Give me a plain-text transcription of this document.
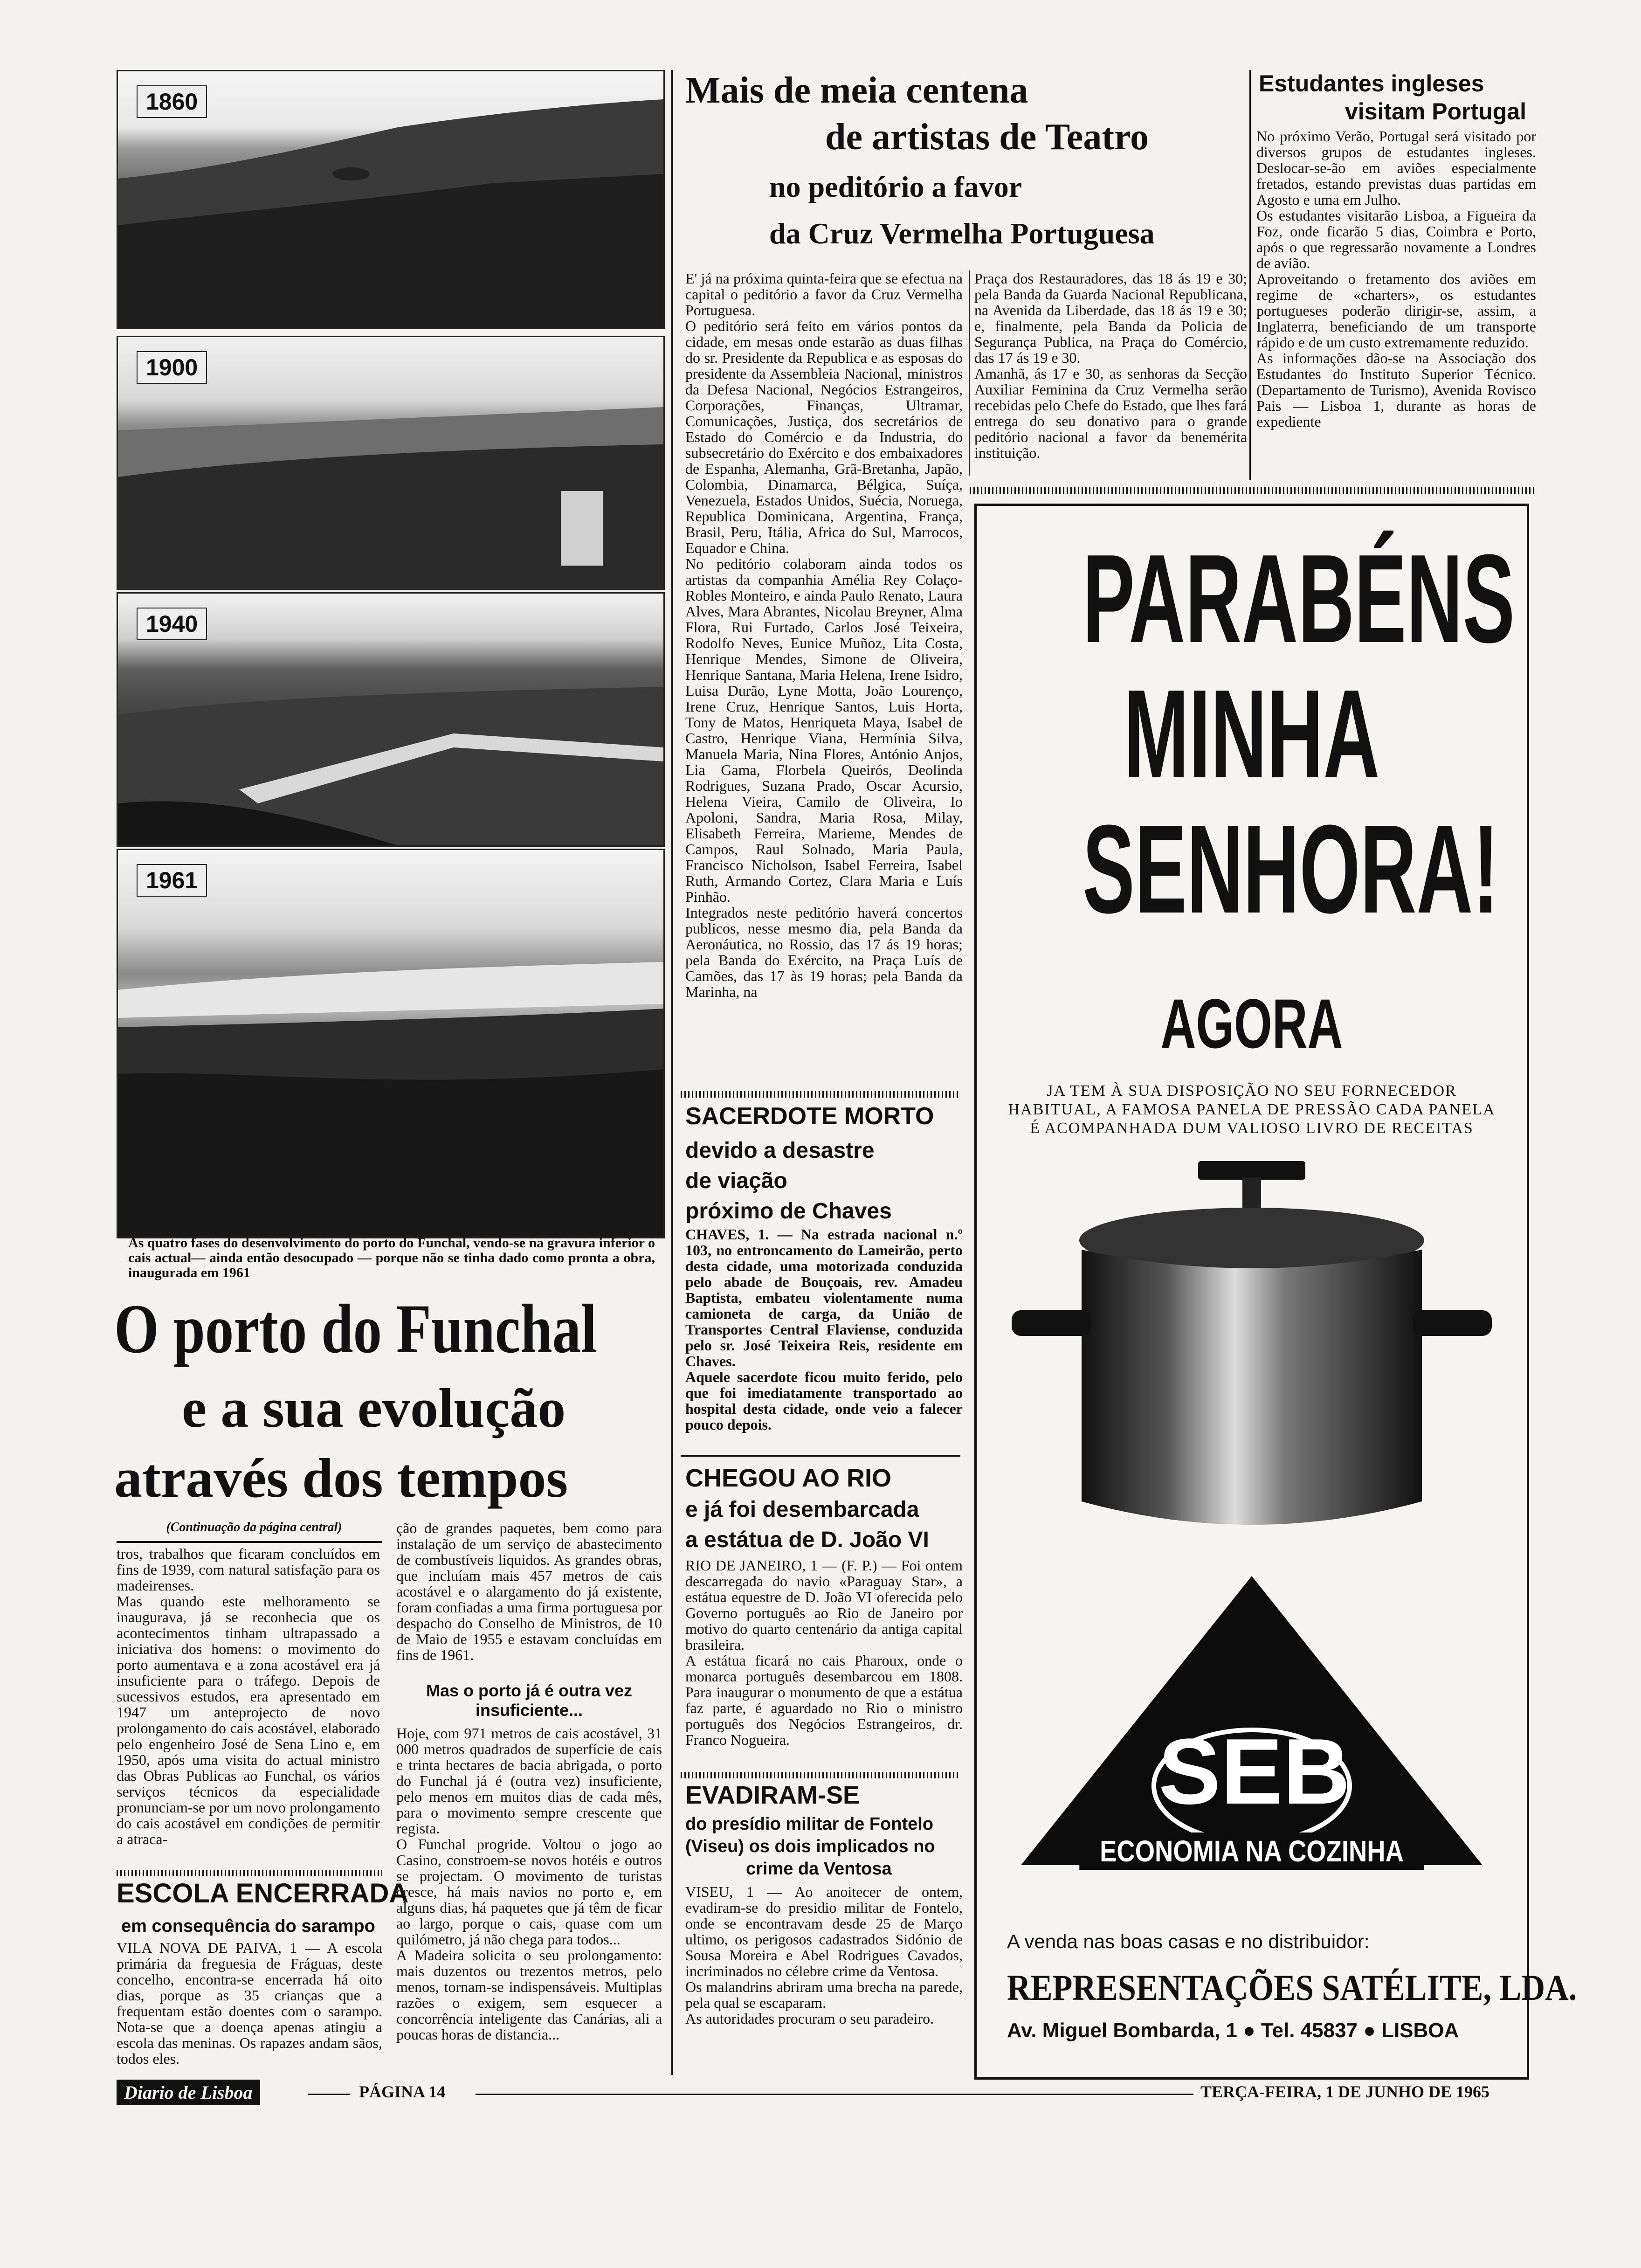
1860
1900
1940
1961
As quatro fases do desenvolvimento do porto do Funchal, vendo-se na gravura inferior o cais actual— ainda então desocupado — porque não se tinha dado como pronta a obra, inaugurada em 1961
O porto do Funchal
e a sua evolução
através dos tempos
(Continuação da página central)
tros, trabalhos que ficaram concluídos em fins de 1939, com natural satisfação para os madeirenses.
Mas quando este melhoramento se inaugurava, já se reconhecia que os acontecimentos tinham ultrapassado a iniciativa dos homens: o movimento do porto aumentava e a zona acostável era já insuficiente para o tráfego. Depois de sucessivos estudos, era apresentado em 1947 um anteprojecto de novo prolongamento do cais acostável, elaborado pelo engenheiro José de Sena Lino e, em 1950, após uma visita do actual ministro das Obras Publicas ao Funchal, os vários serviços técnicos da especialidade pronunciam-se por um novo prolongamento do cais acostável em condições de permitir a atraca-
ção de grandes paquetes, bem como para instalação de um serviço de abastecimento de combustíveis liquidos. As grandes obras, que incluíam mais 457 metros de cais acostável e o alargamento do já existente, foram confiadas a uma firma portuguesa por despacho do Conselho de Ministros, de 10 de Maio de 1955 e estavam concluídas em fins de 1961.
Mas o porto já é outra vez insuficiente...
Hoje, com 971 metros de cais acostável, 31 000 metros quadrados de superfície de cais e trinta hectares de bacia abrigada, o porto do Funchal já é (outra vez) insuficiente, pelo menos em muitos dias de cada mês, para o movimento sempre crescente que regista.
O Funchal progride. Voltou o jogo ao Casino, constroem-se novos hotéis e outros se projectam. O movimento de turistas cresce, há mais navios no porto e, em alguns dias, há paquetes que já têm de ficar ao largo, porque o cais, quase com um quilómetro, já não chega para todos...
A Madeira solicita o seu prolongamento: mais duzentos ou trezentos metros, pelo menos, tornam-se indispensáveis. Multiplas razões o exigem, sem esquecer a concorrência inteligente das Canárias, ali a poucas horas de distancia...
ESCOLA ENCERRADA
em consequência do sarampo
VILA NOVA DE PAIVA, 1 — A escola primária da freguesia de Fráguas, deste concelho, encontra-se encerrada há oito dias, porque as 35 crianças que a frequentam estão doentes com o sarampo. Nota-se que a doença apenas atingiu a escola das meninas. Os rapazes andam sãos, todos eles.
Mais de meia centena
de artistas de Teatro
no peditório a favor
da Cruz Vermelha Portuguesa
E' já na próxima quinta-feira que se efectua na capital o peditório a favor da Cruz Vermelha Portuguesa.
O peditório será feito em vários pontos da cidade, em mesas onde estarão as duas filhas do sr. Presidente da Republica e as esposas do presidente da Assembleia Nacional, ministros da Defesa Nacional, Negócios Estrangeiros, Corporações, Finanças, Ultramar, Comunicações, Justiça, dos secretários de Estado do Comércio e da Industria, do subsecretário do Exército e dos embaixadores de Espanha, Alemanha, Grã-Bretanha, Japão, Colombia, Dinamarca, Bélgica, Suíça, Venezuela, Estados Unidos, Suécia, Noruega, Republica Dominicana, Argentina, França, Brasil, Peru, Itália, Africa do Sul, Marrocos, Equador e China.
No peditório colaboram ainda todos os artistas da companhia Amélia Rey Colaço-Robles Monteiro, e ainda Paulo Renato, Laura Alves, Mara Abrantes, Nicolau Breyner, Alma Flora, Rui Furtado, Carlos José Teixeira, Rodolfo Neves, Eunice Muñoz, Lita Costa, Henrique Mendes, Simone de Oliveira, Henrique Santana, Maria Helena, Irene Isidro, Luisa Durão, Lyne Motta, João Lourenço, Irene Cruz, Henrique Santos, Luis Horta, Tony de Matos, Henriqueta Maya, Isabel de Castro, Henrique Viana, Hermínia Silva, Manuela Maria, Nina Flores, António Anjos, Lia Gama, Florbela Queirós, Deolinda Rodrigues, Suzana Prado, Oscar Acursio, Helena Vieira, Camilo de Oliveira, Io Apoloni, Sandra, Maria Rosa, Milay, Elisabeth Ferreira, Marieme, Mendes de Campos, Raul Solnado, Maria Paula, Francisco Nicholson, Isabel Ferreira, Isabel Ruth, Armando Cortez, Clara Maria e Luís Pinhão.
Integrados neste peditório haverá concertos publicos, nesse mesmo dia, pela Banda da Aeronáutica, no Rossio, das 17 ás 19 horas; pela Banda do Exército, na Praça Luís de Camões, das 17 às 19 horas; pela Banda da Marinha, na
Praça dos Restauradores, das 18 ás 19 e 30; pela Banda da Guarda Nacional Republicana, na Avenida da Liberdade, das 18 ás 19 e 30; e, finalmente, pela Banda da Policia de Segurança Publica, na Praça do Comércio, das 17 ás 19 e 30.
Amanhã, ás 17 e 30, as senhoras da Secção Auxiliar Feminina da Cruz Vermelha serão recebidas pelo Chefe do Estado, que lhes fará entrega do seu donativo para o grande peditório nacional a favor da benemérita instituição.
SACERDOTE MORTO
devido a desastre
de viação
próximo de Chaves
CHAVES, 1. — Na estrada nacional n.º 103, no entroncamento do Lameirão, perto desta cidade, uma motorizada conduzida pelo abade de Bouçoais, rev. Amadeu Baptista, embateu violentamente numa camioneta de carga, da União de Transportes Central Flaviense, conduzida pelo sr. José Teixeira Reis, residente em Chaves.
Aquele sacerdote ficou muito ferido, pelo que foi imediatamente transportado ao hospital desta cidade, onde veio a falecer pouco depois.
CHEGOU AO RIO
e já foi desembarcada
a estátua de D. João VI
RIO DE JANEIRO, 1 — (F. P.) — Foi ontem descarregada do navio «Paraguay Star», a estátua equestre de D. João VI oferecida pelo Governo português ao Rio de Janeiro por motivo do quarto centenário da antiga capital brasileira.
A estátua ficará no cais Pharoux, onde o monarca português desembarcou em 1808. Para inaugurar o monumento de que a estátua faz parte, é aguardado no Rio o ministro português dos Negócios Estrangeiros, dr. Franco Nogueira.
EVADIRAM-SE
do presídio militar de Fontelo
(Viseu) os dois implicados no
crime da Ventosa
VISEU, 1 — Ao anoitecer de ontem, evadiram-se do presidio militar de Fontelo, onde se encontravam desde 25 de Março ultimo, os perigosos cadastrados Sidónio de Sousa Moreira e Abel Rodrigues Cavados, incriminados no célebre crime da Ventosa.
Os malandrins abriram uma brecha na parede, pela qual se escaparam.
As autoridades procuram o seu paradeiro.
Estudantes ingleses
visitam Portugal
No próximo Verão, Portugal será visitado por diversos grupos de estudantes ingleses. Deslocar-se-ão em aviões especialmente fretados, estando previstas duas partidas em Agosto e uma em Julho.
Os estudantes visitarão Lisboa, a Figueira da Foz, onde ficarão 5 dias, Coimbra e Porto, após o que regressarão novamente a Londres de avião.
Aproveitando o fretamento dos aviões em regime de «charters», os estudantes portugueses poderão dirigir-se, assim, a Inglaterra, beneficiando de um transporte rápido e de um custo extremamente reduzido.
As informações dão-se na Associação dos Estudantes do Instituto Superior Técnico. (Departamento de Turismo), Avenida Rovisco Pais — Lisboa 1, durante as horas de expediente
PARABÉNS
MINHA
SENHORA!
AGORA
JA TEM À SUA DISPOSIÇÃO NO SEU FORNECEDOR HABITUAL, A FAMOSA PANELA DE PRESSÃO CADA PANELA É ACOMPANHADA DUM VALIOSO LIVRO DE RECEITAS
SEB
ECONOMIA NA COZINHA
A venda nas boas casas e no distribuidor:
REPRESENTAÇÕES SATÉLITE, LDA.
Av. Miguel Bombarda, 1 ● Tel. 45837 ● LISBOA
Diario de Lisboa	PÁGINA 14	TERÇA-FEIRA, 1 DE JUNHO DE 1965
